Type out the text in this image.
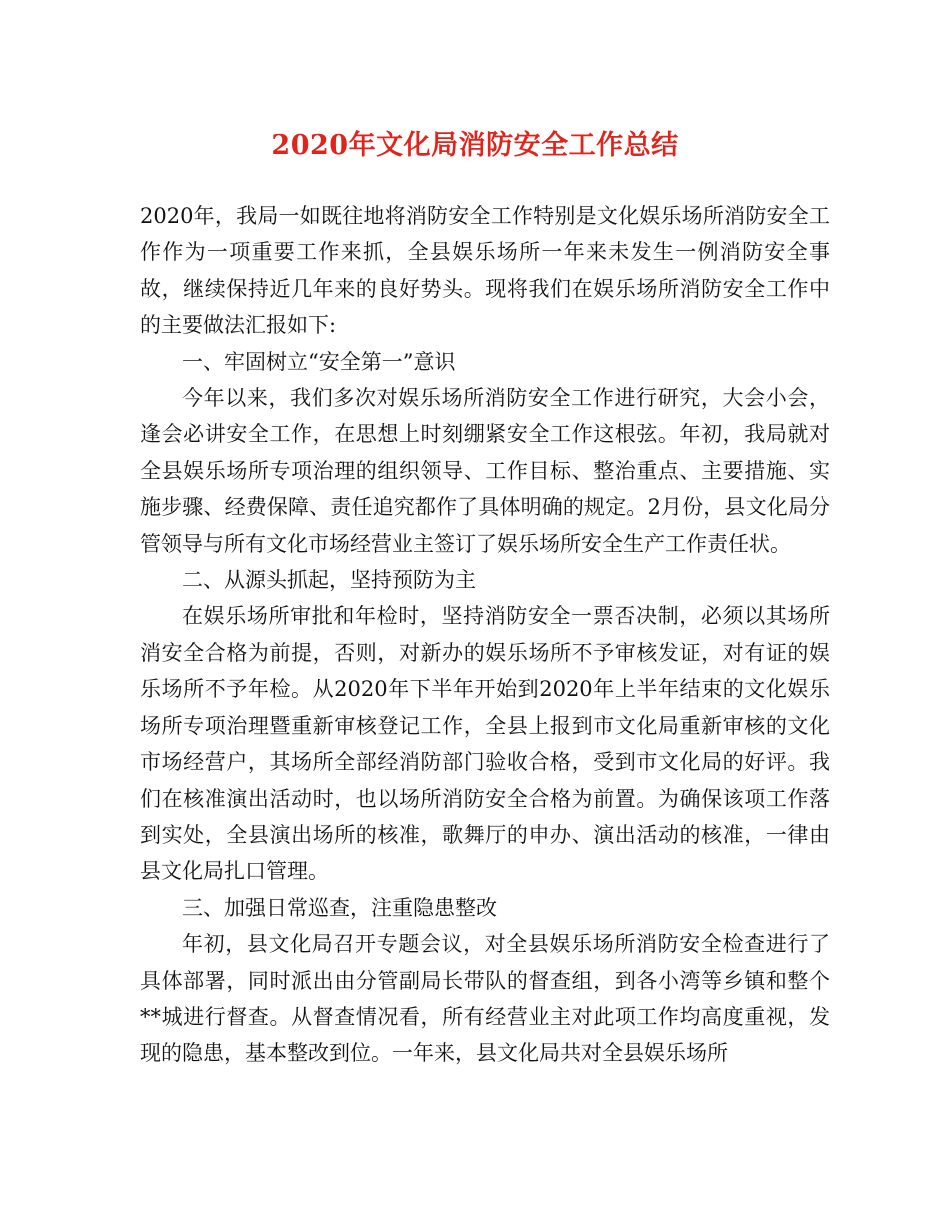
2020年文化局消防安全工作总结

2020年，我局一如既往地将消防安全工作特别是文化娱乐场所消防安全工作作为一项重要工作来抓，全县娱乐场所一年来未发生一例消防安全事故，继续保持近几年来的良好势头。现将我们在娱乐场所消防安全工作中的主要做法汇报如下:

一、牢固树立“安全第一”意识

今年以来，我们多次对娱乐场所消防安全工作进行研究，大会小会，逢会必讲安全工作，在思想上时刻绷紧安全工作这根弦。年初，我局就对全县娱乐场所专项治理的组织领导、工作目标、整治重点、主要措施、实施步骤、经费保障、责任追究都作了具体明确的规定。2月份，县文化局分管领导与所有文化市场经营业主签订了娱乐场所安全生产工作责任状。

二、从源头抓起，坚持预防为主

在娱乐场所审批和年检时，坚持消防安全一票否决制，必须以其场所消安全合格为前提，否则，对新办的娱乐场所不予审核发证，对有证的娱乐场所不予年检。从2020年下半年开始到2020年上半年结束的文化娱乐场所专项治理暨重新审核登记工作，全县上报到市文化局重新审核的文化市场经营户，其场所全部经消防部门验收合格，受到市文化局的好评。我们在核准演出活动时，也以场所消防安全合格为前置。为确保该项工作落到实处，全县演出场所的核准，歌舞厅的申办、演出活动的核准，一律由县文化局扎口管理。

三、加强日常巡查，注重隐患整改

年初，县文化局召开专题会议，对全县娱乐场所消防安全检查进行了具体部署，同时派出由分管副局长带队的督查组，到各小湾等乡镇和整个**城进行督查。从督查情况看，所有经营业主对此项工作均高度重视，发现的隐患，基本整改到位。一年来，县文化局共对全县娱乐场所
